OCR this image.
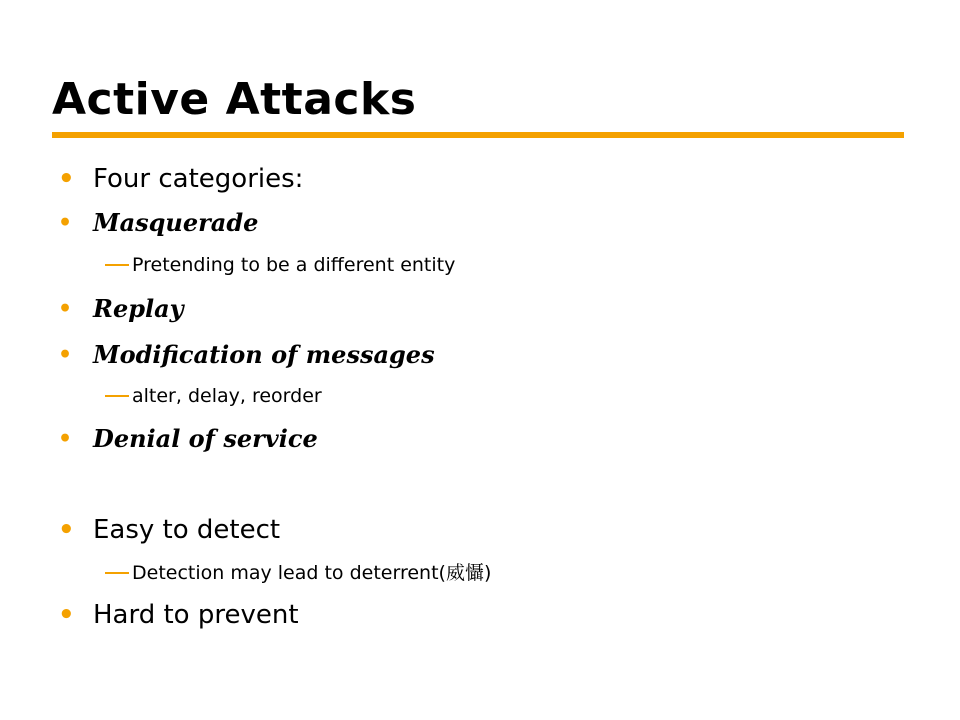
Active Attacks
• Four categories:
• Masquerade
Pretending to be a different entity
• Replay
• Modification of messages
alter, delay, reorder
• Denial of service
• Easy to detect
Detection may lead to deterrent(威懾)
• Hard to prevent
